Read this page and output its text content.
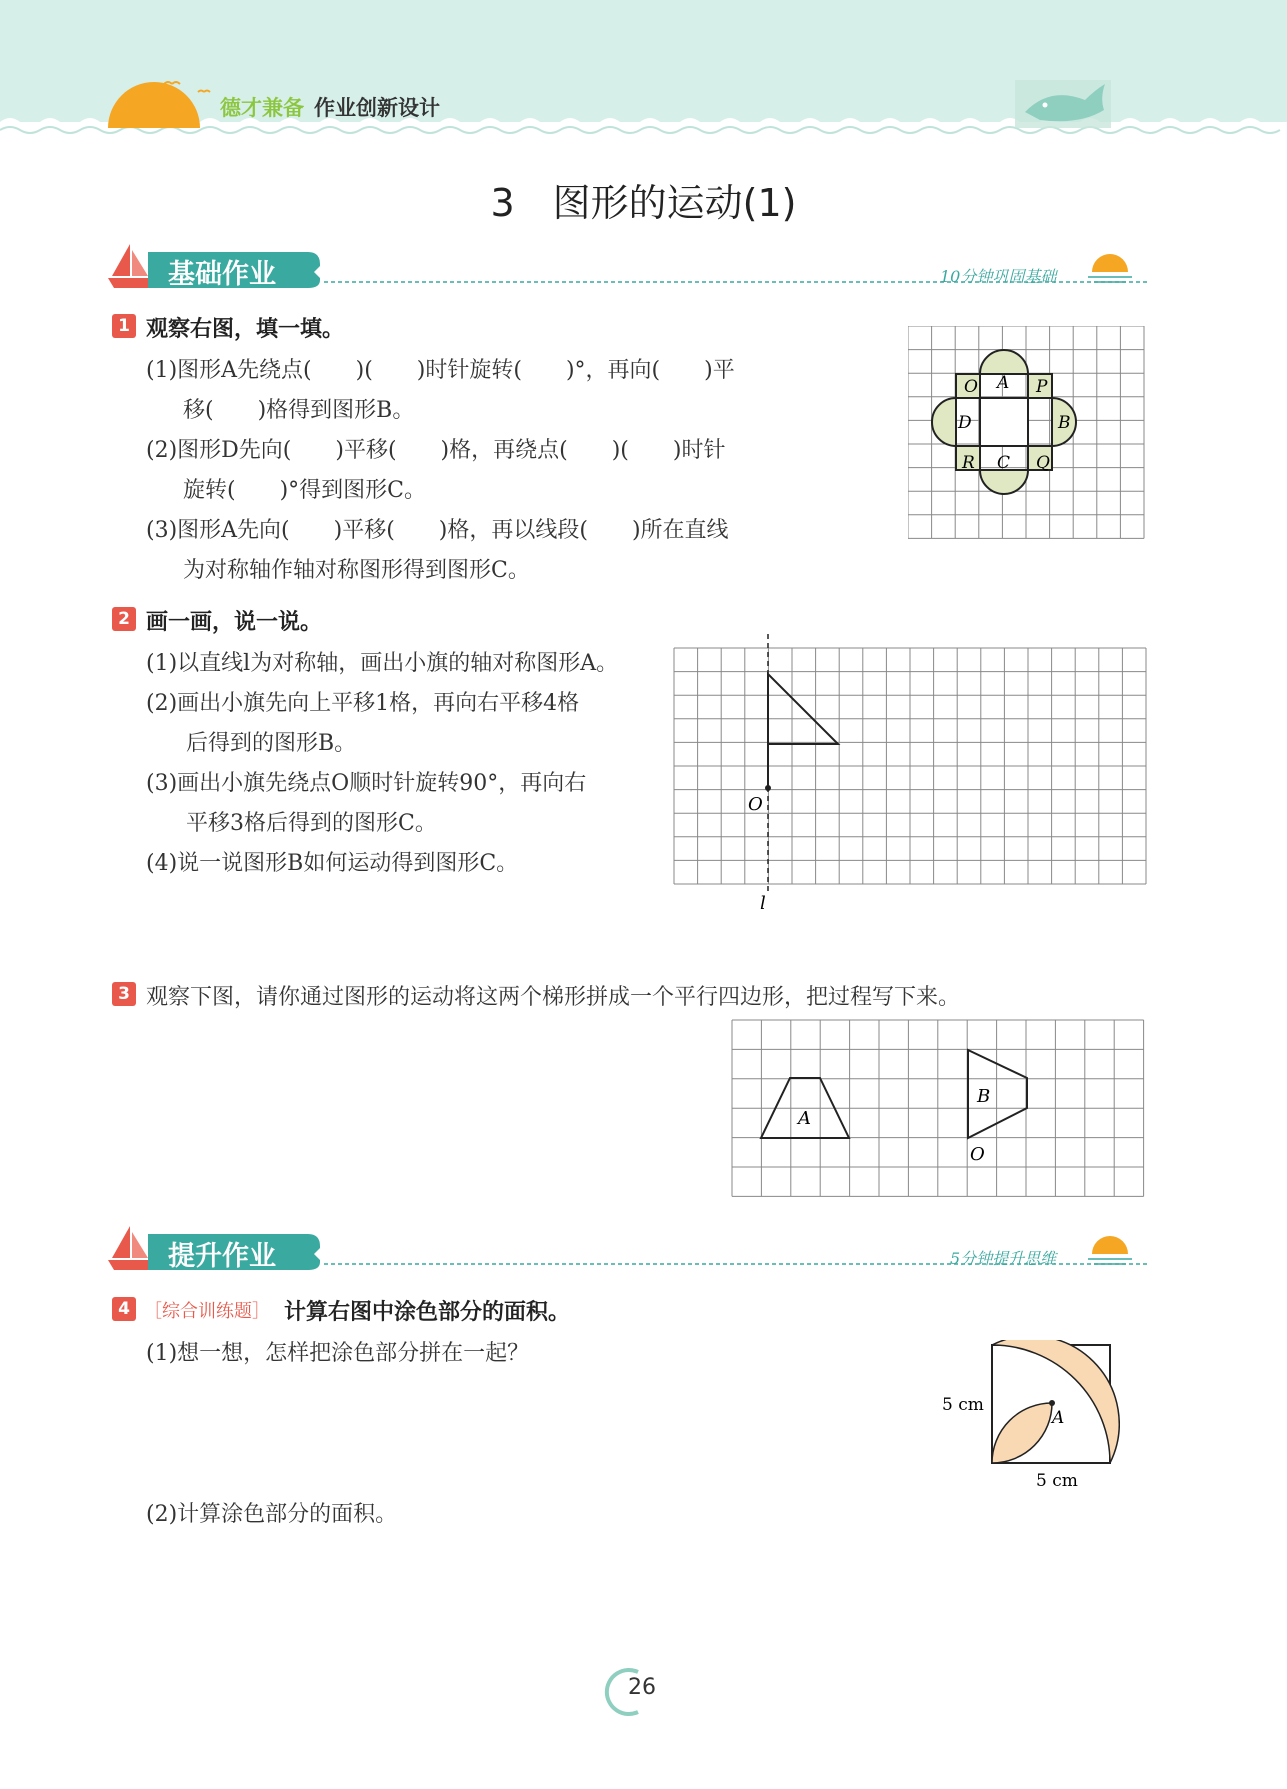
德才兼备 作业创新设计
3　图形的运动(1)
基础作业	10分钟巩固基础
1 观察右图，填一填。
(1)图形A先绕点(　　)(　　)时针旋转(　　)°，再向(　　)平
移(　　)格得到图形B。
(2)图形D先向(　　)平移(　　)格，再绕点(　　)(　　)时针
旋转(　　)°得到图形C。
(3)图形A先向(　　)平移(　　)格，再以线段(　　)所在直线
为对称轴作轴对称图形得到图形C。
O A P
D	B
R C Q
2 画一画，说一说。
(1)以直线l为对称轴，画出小旗的轴对称图形A。
(2)画出小旗先向上平移1格，再向右平移4格
后得到的图形B。
(3)画出小旗先绕点O顺时针旋转90°，再向右
平移3格后得到的图形C。
(4)说一说图形B如何运动得到图形C。
O
l
3 观察下图，请你通过图形的运动将这两个梯形拼成一个平行四边形，把过程写下来。
A
B
O
提升作业	5分钟提升思维
4 ［综合训练题］ 计算右图中涂色部分的面积。
(1)想一想，怎样把涂色部分拼在一起？
(2)计算涂色部分的面积。
A
5 cm
5 cm
26
